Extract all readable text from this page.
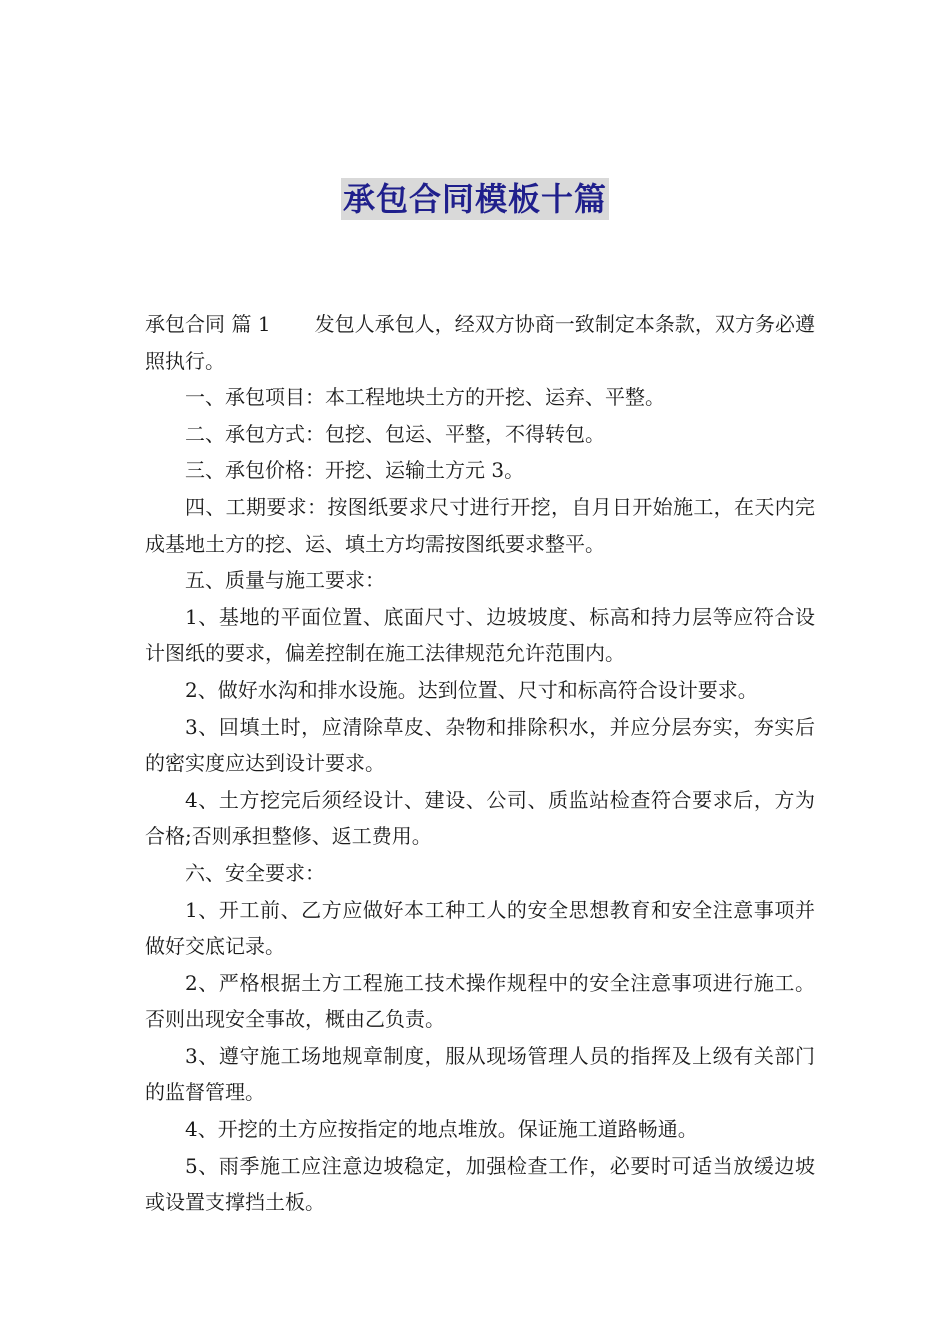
承包合同模板十篇

承包合同 篇 1 发包人承包人，经双方协商一致制定本条款，双方务必遵照执行。

一、承包项目：本工程地块土方的开挖、运弃、平整。

二、承包方式：包挖、包运、平整，不得转包。

三、承包价格：开挖、运输土方元 3。

四、工期要求：按图纸要求尺寸进行开挖，自月日开始施工，在天内完成基地土方的挖、运、填土方均需按图纸要求整平。

五、质量与施工要求：

1、基地的平面位置、底面尺寸、边坡坡度、标高和持力层等应符合设计图纸的要求，偏差控制在施工法律规范允许范围内。

2、做好水沟和排水设施。达到位置、尺寸和标高符合设计要求。

3、回填土时，应清除草皮、杂物和排除积水，并应分层夯实，夯实后的密实度应达到设计要求。

4、土方挖完后须经设计、建设、公司、质监站检查符合要求后，方为合格;否则承担整修、返工费用。

六、安全要求：

1、开工前、乙方应做好本工种工人的安全思想教育和安全注意事项并做好交底记录。

2、严格根据土方工程施工技术操作规程中的安全注意事项进行施工。否则出现安全事故，概由乙负责。

3、遵守施工场地规章制度，服从现场管理人员的指挥及上级有关部门的监督管理。

4、开挖的土方应按指定的地点堆放。保证施工道路畅通。

5、雨季施工应注意边坡稳定，加强检查工作，必要时可适当放缓边坡或设置支撑挡土板。
